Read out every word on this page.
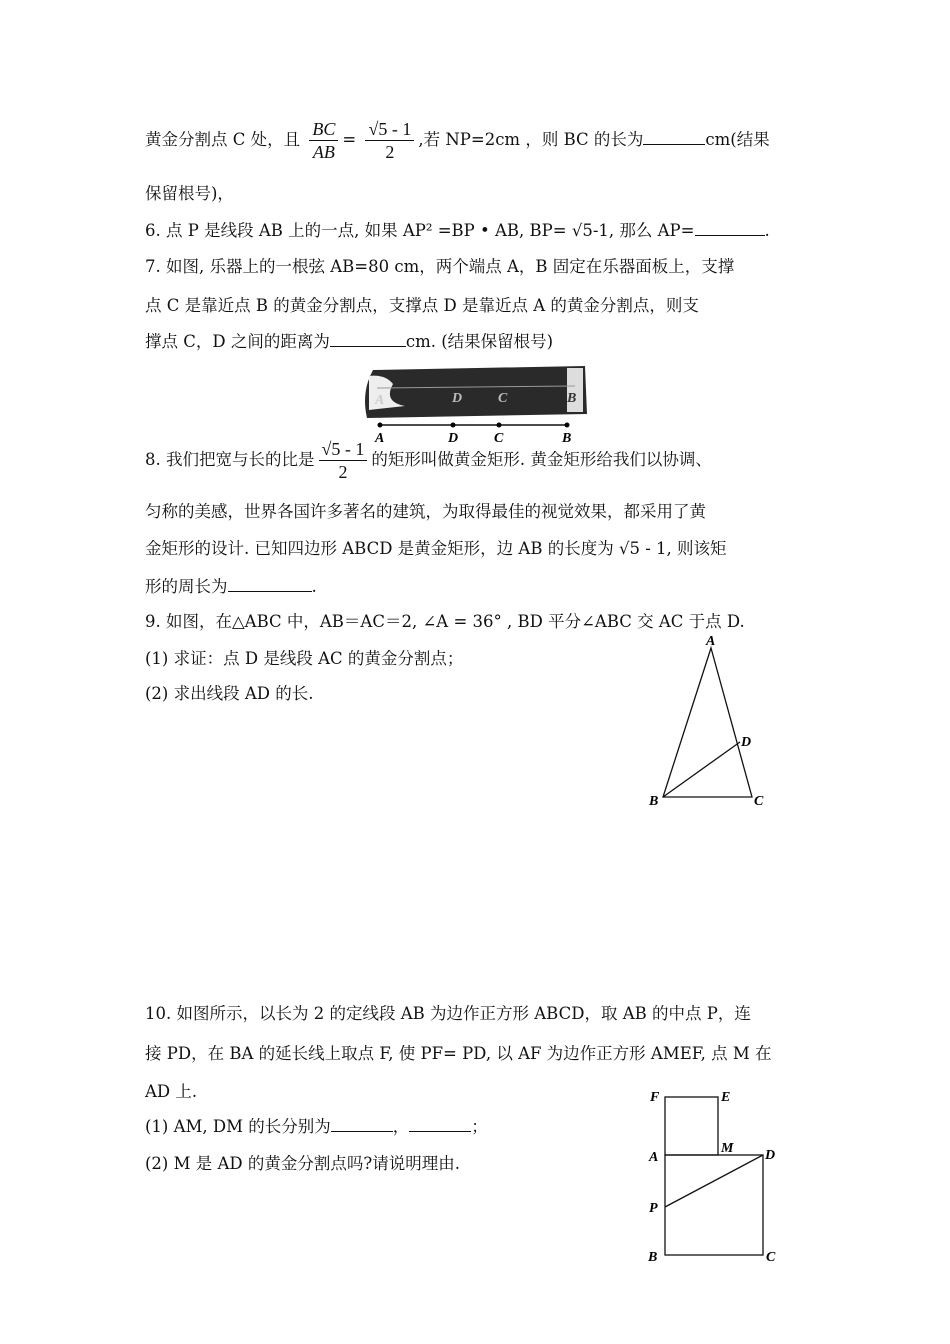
黄金分割点 C 处，且 $\frac{BC}{AB} = \frac{√5 - 1}{2}$ ,若 NP=2cm ，则 BC 的长为	cm(结果
保留根号)，
6. 点 P 是线段 AB 上的一点, 如果 AP² =BP • AB, BP= √5-1, 那么 AP=	.
7. 如图, 乐器上的一根弦 AB=80 cm，两个端点 A，B 固定在乐器面板上，支撑
点 C 是靠近点 B 的黄金分割点，支撑点 D 是靠近点 A 的黄金分割点，则支
撑点 C，D 之间的距离为	cm. (结果保留根号)
A	D	C	B
A	D	C	B
8. 我们把宽与长的比是 $\frac{√5 - 1}{2}$ 的矩形叫做黄金矩形. 黄金矩形给我们以协调、
匀称的美感，世界各国许多著名的建筑，为取得最佳的视觉效果，都采用了黄
金矩形的设计. 已知四边形 ABCD 是黄金矩形，边 AB 的长度为 √5 - 1, 则该矩
形的周长为	.
9. 如图，在△ABC 中，AB＝AC＝2, ∠A = 36° , BD 平分∠ABC 交 AC 于点 D.
(1) 求证：点 D 是线段 AC 的黄金分割点；
(2) 求出线段 AD 的长.
A
B	C
D
10. 如图所示，以长为 2 的定线段 AB 为边作正方形 ABCD，取 AB 的中点 P，连
接 PD，在 BA 的延长线上取点 F, 使 PF= PD, 以 AF 为边作正方形 AMEF, 点 M 在
AD 上.
(1) AM, DM 的长分别为	，	；
(2) M 是 AD 的黄金分割点吗?请说明理由.
F	E
A
M D
P
B	C
